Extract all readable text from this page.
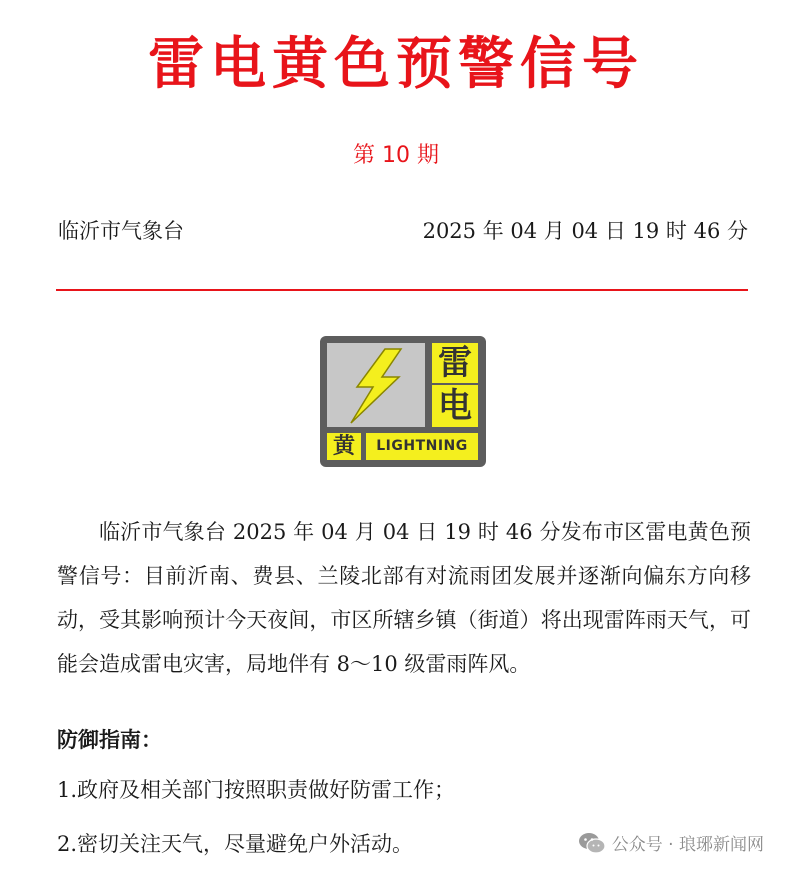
雷电黄色预警信号
第 10 期
临沂市气象台	2025 年 04 月 04 日 19 时 46 分
雷
电
黄	LIGHTNING

临沂市气象台 2025 年 04 月 04 日 19 时 46 分发布市区雷电黄色预警信号：目前沂南、费县、兰陵北部有对流雨团发展并逐渐向偏东方向移动，受其影响预计今天夜间，市区所辖乡镇（街道）将出现雷阵雨天气，可能会造成雷电灾害，局地伴有 8～10 级雷雨阵风。

防御指南：
1.政府及相关部门按照职责做好防雷工作；
2.密切关注天气，尽量避免户外活动。	公众号 · 琅琊新闻网
